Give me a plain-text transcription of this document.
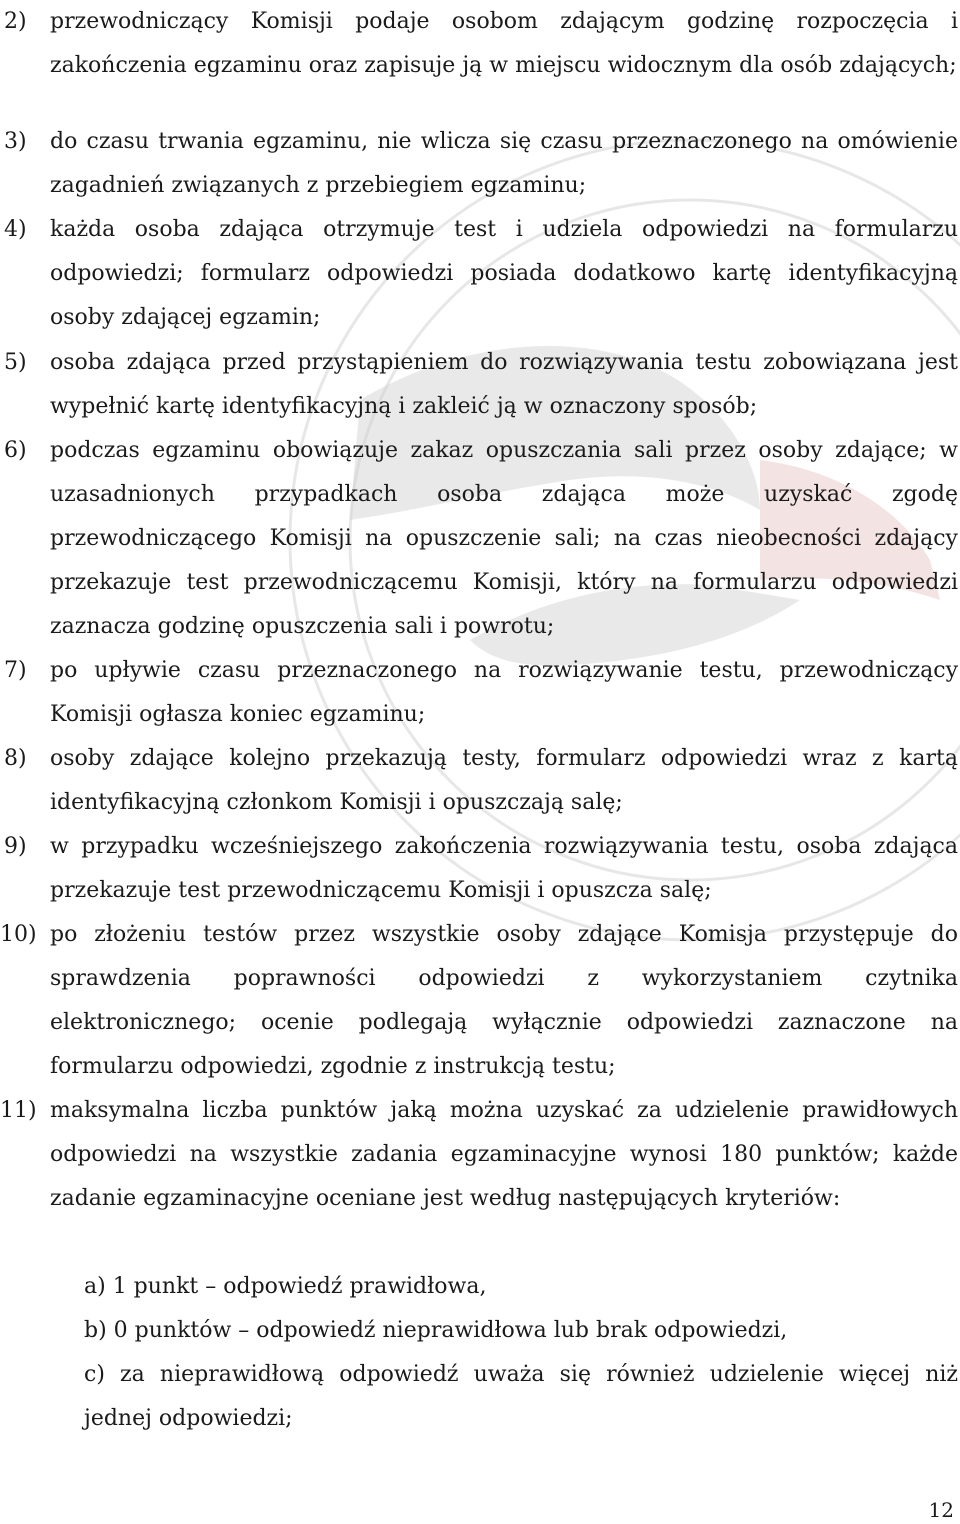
2)	przewodniczący Komisji podaje osobom zdającym godzinę rozpoczęcia i zakończenia egzaminu oraz zapisuje ją w miejscu widocznym dla osób zdających;
3)	do czasu trwania egzaminu, nie wlicza się czasu przeznaczonego na omówienie zagadnień związanych z przebiegiem egzaminu;
4)	każda osoba zdająca otrzymuje test i udziela odpowiedzi na formularzu odpowiedzi; formularz odpowiedzi posiada dodatkowo kartę identyfikacyjną osoby zdającej egzamin;
5)	osoba zdająca przed przystąpieniem do rozwiązywania testu zobowiązana jest wypełnić kartę identyfikacyjną i zakleić ją w oznaczony sposób;
6)	podczas egzaminu obowiązuje zakaz opuszczania sali przez osoby zdające; w uzasadnionych przypadkach osoba zdająca może uzyskać zgodę przewodniczącego Komisji na opuszczenie sali; na czas nieobecności zdający przekazuje test przewodniczącemu Komisji, który na formularzu odpowiedzi zaznacza godzinę opuszczenia sali i powrotu;
7)	po upływie czasu przeznaczonego na rozwiązywanie testu, przewodniczący Komisji ogłasza koniec egzaminu;
8)	osoby zdające kolejno przekazują testy, formularz odpowiedzi wraz z kartą identyfikacyjną członkom Komisji i opuszczają salę;
9)	w przypadku wcześniejszego zakończenia rozwiązywania testu, osoba zdająca przekazuje test przewodniczącemu Komisji i opuszcza salę;
10) po złożeniu testów przez wszystkie osoby zdające Komisja przystępuje do sprawdzenia poprawności odpowiedzi z wykorzystaniem czytnika elektronicznego; ocenie podlegają wyłącznie odpowiedzi zaznaczone na formularzu odpowiedzi, zgodnie z instrukcją testu;
11) maksymalna liczba punktów jaką można uzyskać za udzielenie prawidłowych odpowiedzi na wszystkie zadania egzaminacyjne wynosi 180 punktów; każde zadanie egzaminacyjne oceniane jest według następujących kryteriów:
a) 1 punkt – odpowiedź prawidłowa,
b) 0 punktów – odpowiedź nieprawidłowa lub brak odpowiedzi,
c) za nieprawidłową odpowiedź uważa się również udzielenie więcej niż jednej odpowiedzi;
12
